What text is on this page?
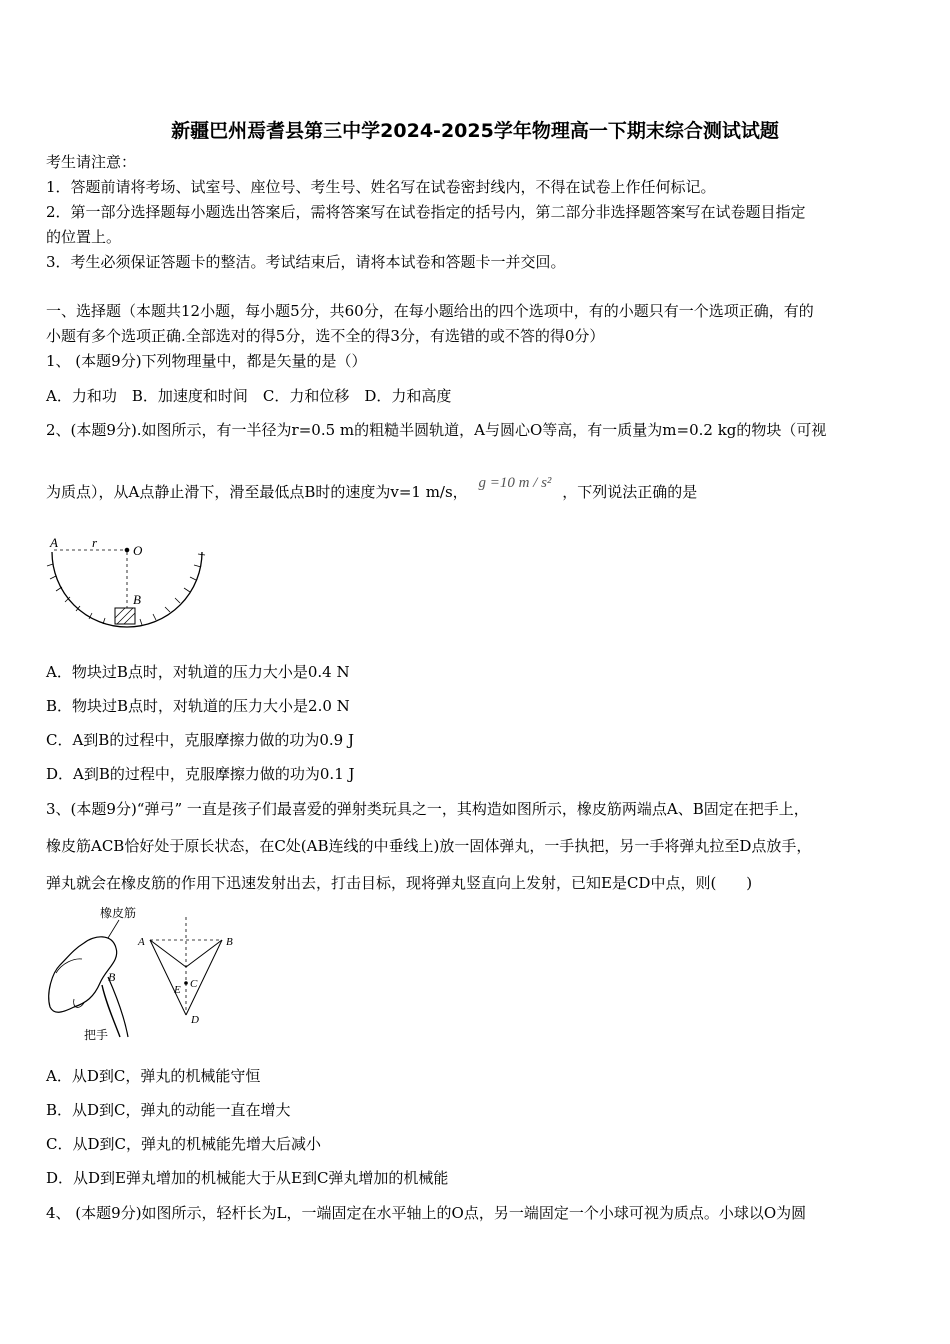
新疆巴州焉耆县第三中学2024-2025学年物理高一下期末综合测试试题
考生请注意：
1．答题前请将考场、试室号、座位号、考生号、姓名写在试卷密封线内，不得在试卷上作任何标记。
2．第一部分选择题每小题选出答案后，需将答案写在试卷指定的括号内，第二部分非选择题答案写在试卷题目指定
的位置上。
3．考生必须保证答题卡的整洁。考试结束后，请将本试卷和答题卡一并交回。
一、选择题（本题共12小题，每小题5分，共60分，在每小题给出的四个选项中，有的小题只有一个选项正确，有的
小题有多个选项正确.全部选对的得5分，选不全的得3分，有选错的或不答的得0分）
1、 (本题9分)下列物理量中，都是矢量的是（）
A．力和功　B．加速度和时间　C．力和位移　D．力和高度
2、(本题9分).如图所示，有一半径为r=0.5 m的粗糙半圆轨道，A与圆心O等高，有一质量为m=0.2 kg的物块（可视
为质点），从A点静止滑下，滑至最低点B时的速度为v=1 m/s， g =10 m / s² ，下列说法正确的是
A	r
O
B
A．物块过B点时，对轨道的压力大小是0.4 N
B．物块过B点时，对轨道的压力大小是2.0 N
C．A到B的过程中，克服摩擦力做的功为0.9 J
D．A到B的过程中，克服摩擦力做的功为0.1 J
3、(本题9分)“弹弓” 一直是孩子们最喜爱的弹射类玩具之一，其构造如图所示，橡皮筋两端点A、B固定在把手上，
橡皮筋ACB恰好处于原长状态，在C处(AB连线的中垂线上)放一固体弹丸，一手执把，另一手将弹丸拉至D点放手，
弹丸就会在橡皮筋的作用下迅速发射出去，打击目标，现将弹丸竖直向上发射，已知E是CD中点，则(　　)
橡皮筋
B
把手
A	B
E C
D
A．从D到C，弹丸的机械能守恒
B．从D到C，弹丸的动能一直在增大
C．从D到C，弹丸的机械能先增大后减小
D．从D到E弹丸增加的机械能大于从E到C弹丸增加的机械能
4、 (本题9分)如图所示，轻杆长为L，一端固定在水平轴上的O点，另一端固定一个小球可视为质点。小球以O为圆
